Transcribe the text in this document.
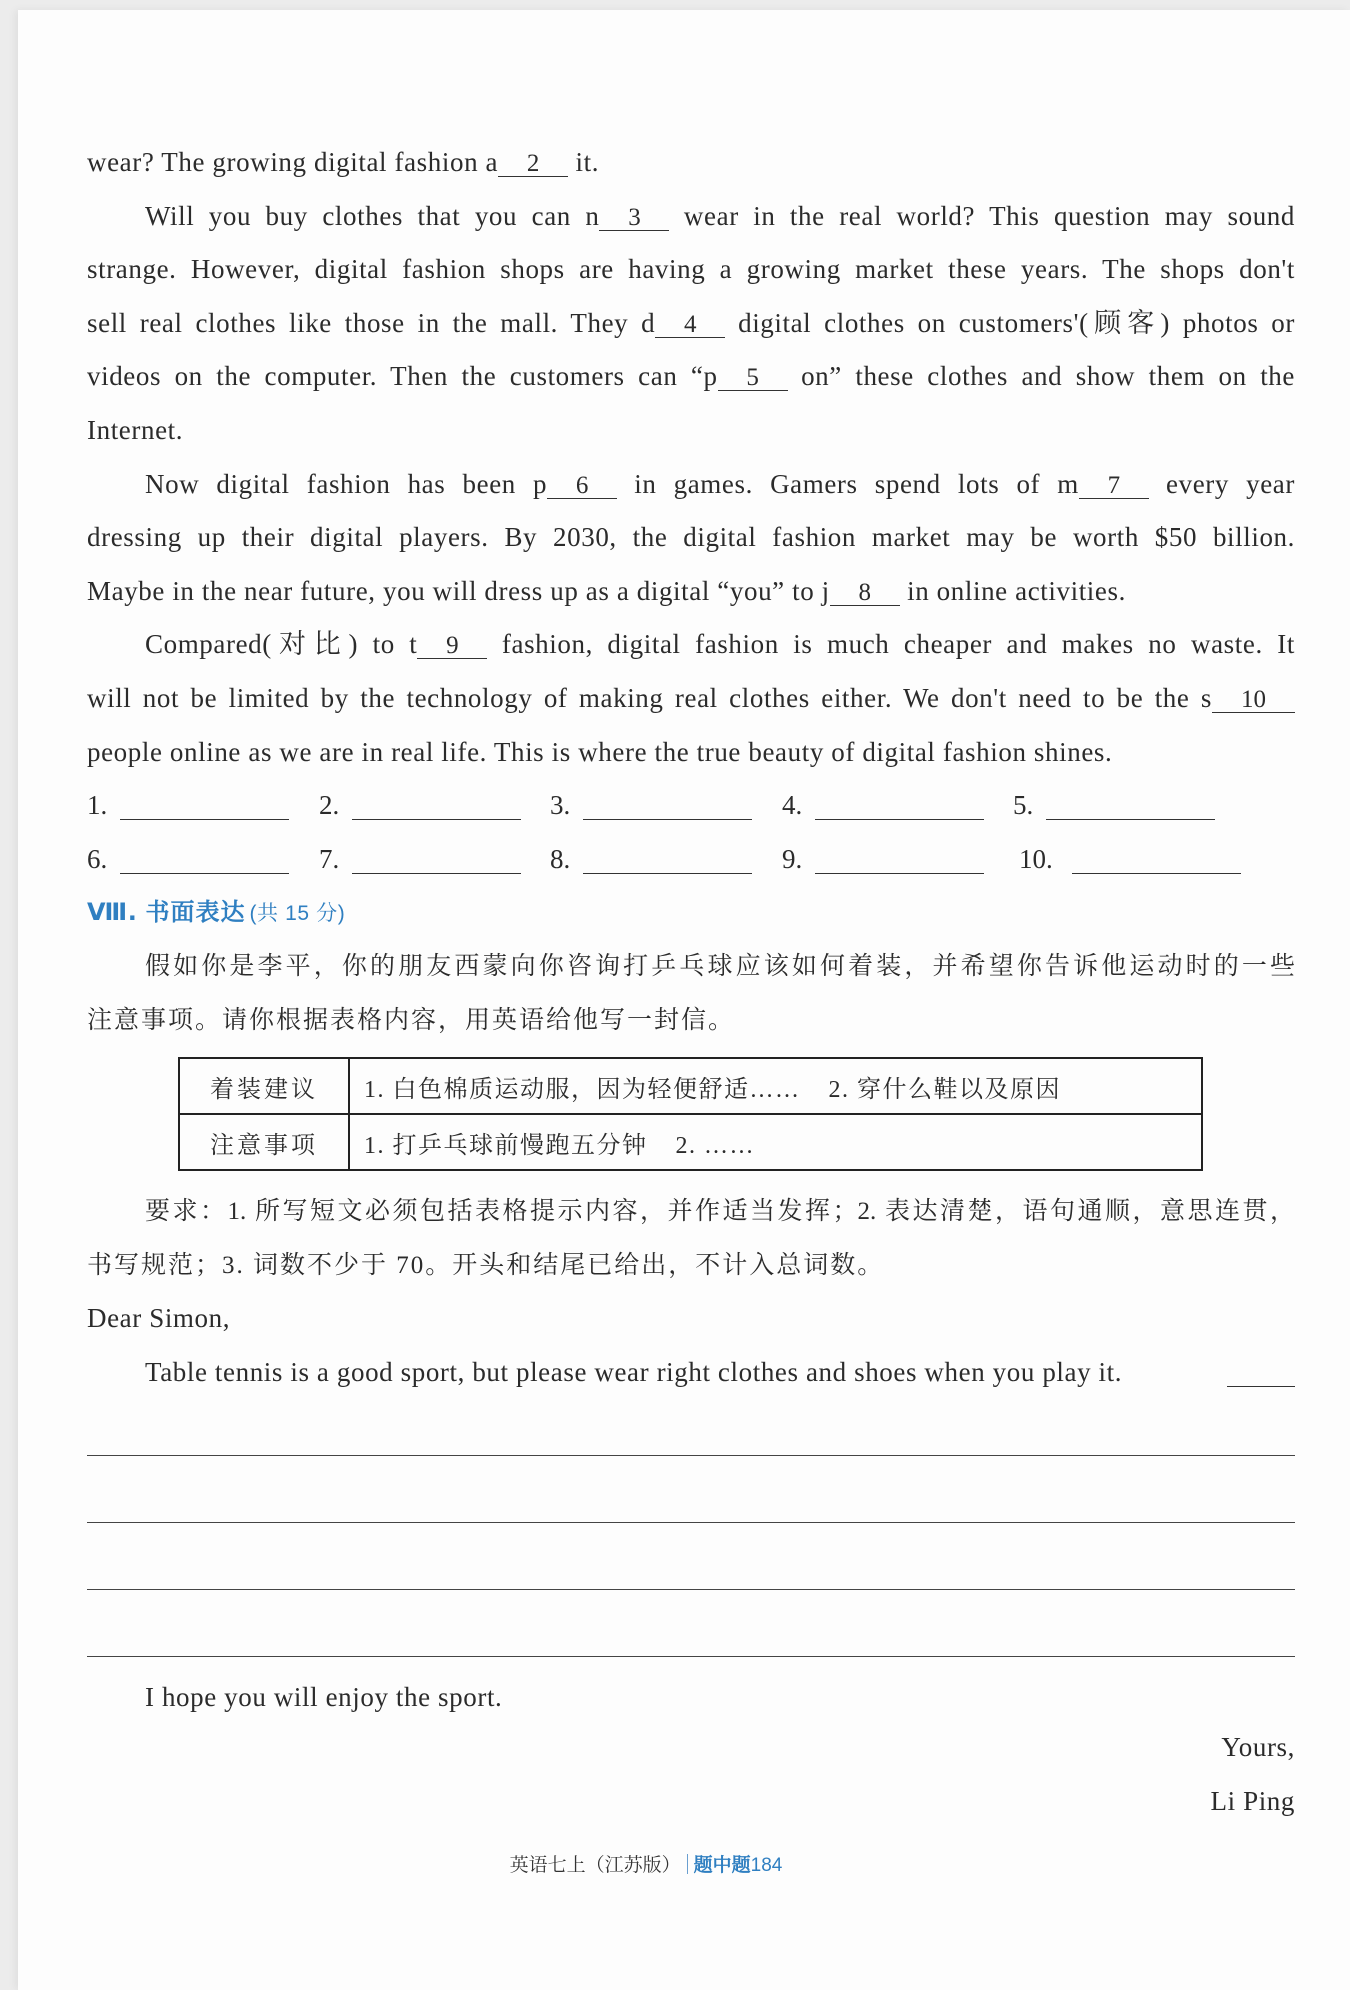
wear? The growing digital fashion a 2 it.
Will you buy clothes that you can n 3 wear in the real world? This question may sound
strange. However, digital fashion shops are having a growing market these years. The shops don't
sell real clothes like those in the mall. They d 4 digital clothes on customers'(顾客) photos or
videos on the computer. Then the customers can “p 5 on” these clothes and show them on the
Internet.
Now digital fashion has been p 6 in games. Gamers spend lots of m 7 every year
dressing up their digital players. By 2030, the digital fashion market may be worth $50 billion.
Maybe in the near future, you will dress up as a digital “you” to j 8 in online activities.
Compared(对比) to t 9 fashion, digital fashion is much cheaper and makes no waste. It
will not be limited by the technology of making real clothes either. We don't need to be the s 10
people online as we are in real life. This is where the true beauty of digital fashion shines.
1.	2.	3.	4.	5.
6.	7.	8.	9.	10.
Ⅷ. 书面表达 (共 15 分)
假如你是李平，你的朋友西蒙向你咨询打乒乓球应该如何着装，并希望你告诉他运动时的一些
注意事项。请你根据表格内容，用英语给他写一封信。
着装建议	1. 白色棉质运动服，因为轻便舒适…… 2. 穿什么鞋以及原因
注意事项	1. 打乒乓球前慢跑五分钟 2. ……
要求：1. 所写短文必须包括表格提示内容，并作适当发挥；2. 表达清楚，语句通顺，意思连贯，
书写规范；3. 词数不少于 70。开头和结尾已给出，不计入总词数。
Dear Simon,
Table tennis is a good sport, but please wear right clothes and shoes when you play it.
I hope you will enjoy the sport.
Yours,
Li Ping
英语七上（江苏版） 题中题184
